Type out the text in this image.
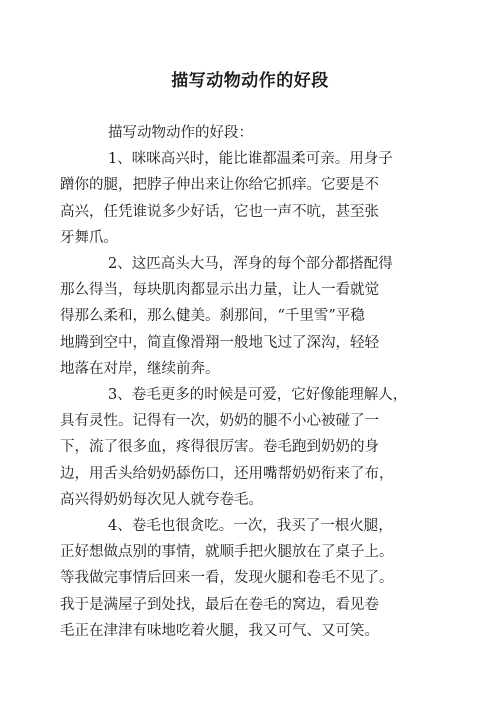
描写动物动作的好段
描写动物动作的好段：
1、咪咪高兴时，能比谁都温柔可亲。用身子
蹭你的腿，把脖子伸出来让你给它抓痒。它要是不
高兴，任凭谁说多少好话，它也一声不吭，甚至张
牙舞爪。
2、这匹高头大马，浑身的每个部分都搭配得
那么得当，每块肌肉都显示出力量，让人一看就觉
得那么柔和，那么健美。刹那间，“千里雪”平稳
地腾到空中，简直像滑翔一般地飞过了深沟，轻轻
地落在对岸，继续前奔。
3、卷毛更多的时候是可爱，它好像能理解人，
具有灵性。记得有一次，奶奶的腿不小心被碰了一
下，流了很多血，疼得很厉害。卷毛跑到奶奶的身
边，用舌头给奶奶舔伤口，还用嘴帮奶奶衔来了布，
高兴得奶奶每次见人就夸卷毛。
4、卷毛也很贪吃。一次，我买了一根火腿，
正好想做点别的事情，就顺手把火腿放在了桌子上。
等我做完事情后回来一看，发现火腿和卷毛不见了。
我于是满屋子到处找，最后在卷毛的窝边，看见卷
毛正在津津有味地吃着火腿，我又可气、又可笑。
